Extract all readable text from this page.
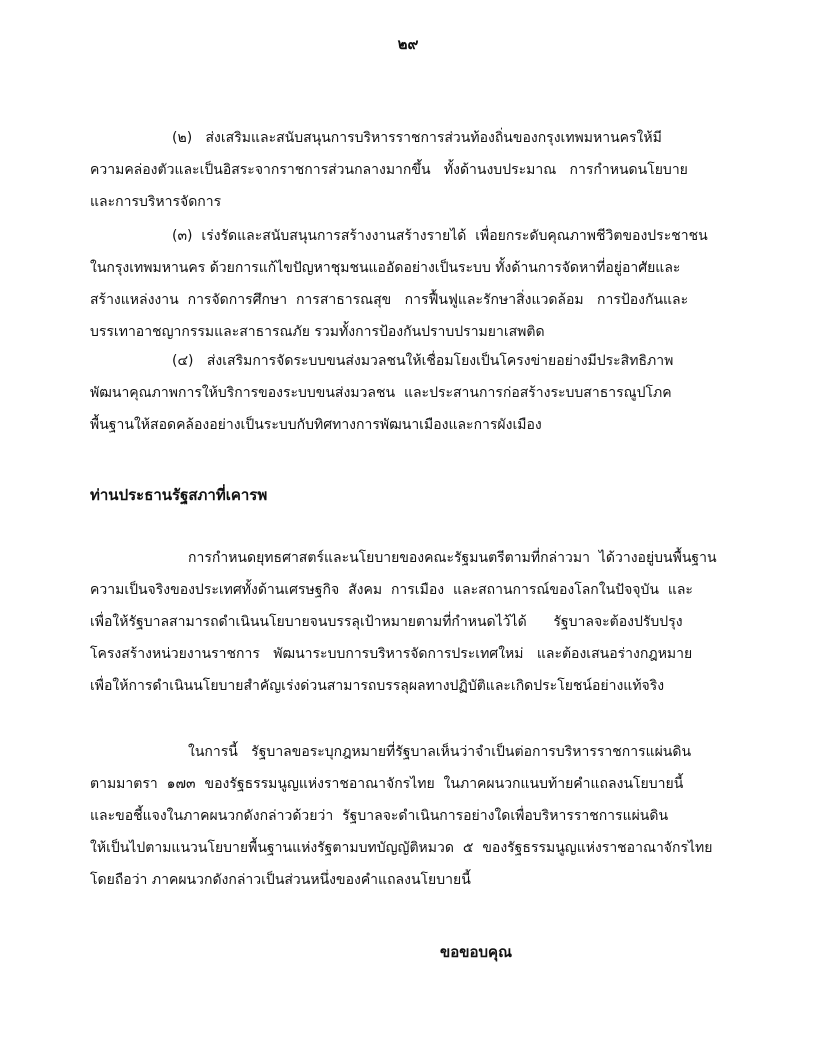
๒๙
(๒)   ส่งเสริมและสนับสนุนการบริหารราชการส่วนท้องถิ่นของกรุงเทพมหานครให้มี
ความคล่องตัวและเป็นอิสระจากราชการส่วนกลางมากขึ้น   ทั้งด้านงบประมาณ   การกำหนดนโยบาย
และการบริหารจัดการ
(๓)  เร่งรัดและสนับสนุนการสร้างงานสร้างรายได้  เพื่อยกระดับคุณภาพชีวิตของประชาชน
ในกรุงเทพมหานคร ด้วยการแก้ไขปัญหาชุมชนแออัดอย่างเป็นระบบ ทั้งด้านการจัดหาที่อยู่อาศัยและ
สร้างแหล่งงาน  การจัดการศึกษา  การสาธารณสุข   การฟื้นฟูและรักษาสิ่งแวดล้อม   การป้องกันและ
บรรเทาอาชญากรรมและสาธารณภัย รวมทั้งการป้องกันปราบปรามยาเสพติด
(๔)   ส่งเสริมการจัดระบบขนส่งมวลชนให้เชื่อมโยงเป็นโครงข่ายอย่างมีประสิทธิภาพ
พัฒนาคุณภาพการให้บริการของระบบขนส่งมวลชน  และประสานการก่อสร้างระบบสาธารณูปโภค
พื้นฐานให้สอดคล้องอย่างเป็นระบบกับทิศทางการพัฒนาเมืองและการผังเมือง
ท่านประธานรัฐสภาที่เคารพ
การกำหนดยุทธศาสตร์และนโยบายของคณะรัฐมนตรีตามที่กล่าวมา  ได้วางอยู่บนพื้นฐาน
ความเป็นจริงของประเทศทั้งด้านเศรษฐกิจ  สังคม  การเมือง  และสถานการณ์ของโลกในปัจจุบัน  และ
เพื่อให้รัฐบาลสามารถดำเนินนโยบายจนบรรลุเป้าหมายตามที่กำหนดไว้ได้      รัฐบาลจะต้องปรับปรุง
โครงสร้างหน่วยงานราชการ   พัฒนาระบบการบริหารจัดการประเทศใหม่   และต้องเสนอร่างกฎหมาย
เพื่อให้การดำเนินนโยบายสำคัญเร่งด่วนสามารถบรรลุผลทางปฏิบัติและเกิดประโยชน์อย่างแท้จริง
ในการนี้   รัฐบาลขอระบุกฎหมายที่รัฐบาลเห็นว่าจำเป็นต่อการบริหารราชการแผ่นดิน
ตามมาตรา  ๑๗๓  ของรัฐธรรมนูญแห่งราชอาณาจักรไทย  ในภาคผนวกแนบท้ายคำแถลงนโยบายนี้
และขอชี้แจงในภาคผนวกดังกล่าวด้วยว่า  รัฐบาลจะดำเนินการอย่างใดเพื่อบริหารราชการแผ่นดิน
ให้เป็นไปตามแนวนโยบายพื้นฐานแห่งรัฐตามบทบัญญัติหมวด  ๕  ของรัฐธรรมนูญแห่งราชอาณาจักรไทย
โดยถือว่า ภาคผนวกดังกล่าวเป็นส่วนหนึ่งของคำแถลงนโยบายนี้
ขอขอบคุณ
